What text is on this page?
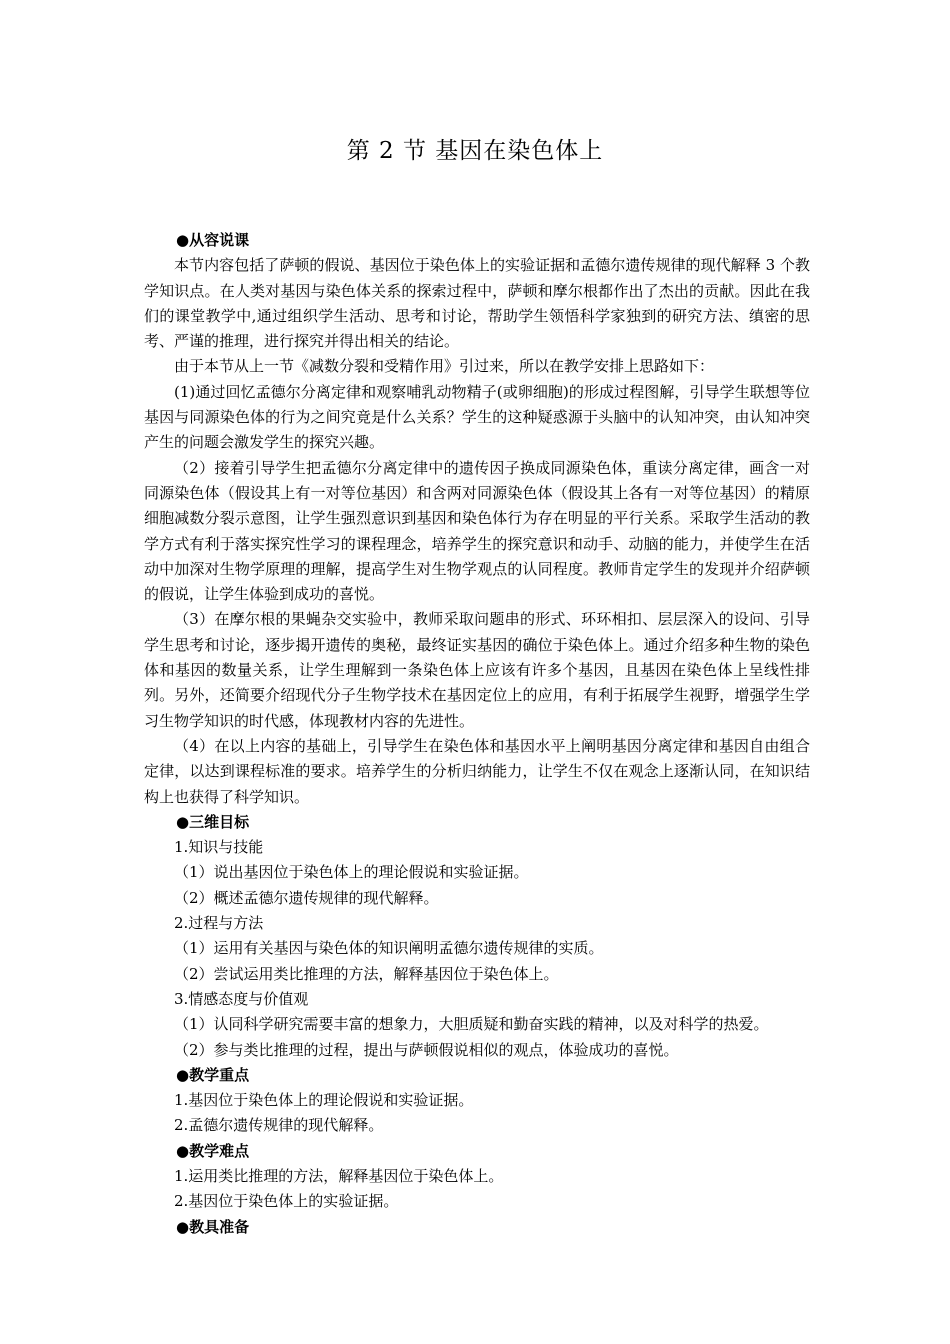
第 2 节 基因在染色体上

●从容说课

本节内容包括了萨顿的假说、基因位于染色体上的实验证据和孟德尔遗传规律的现代解释 3 个教学知识点。在人类对基因与染色体关系的探索过程中，萨顿和摩尔根都作出了杰出的贡献。因此在我们的课堂教学中,通过组织学生活动、思考和讨论，帮助学生领悟科学家独到的研究方法、缜密的思考、严谨的推理，进行探究并得出相关的结论。

由于本节从上一节《减数分裂和受精作用》引过来，所以在教学安排上思路如下：

(1)通过回忆孟德尔分离定律和观察哺乳动物精子(或卵细胞)的形成过程图解，引导学生联想等位基因与同源染色体的行为之间究竟是什么关系？学生的这种疑惑源于头脑中的认知冲突，由认知冲突产生的问题会激发学生的探究兴趣。

（2）接着引导学生把孟德尔分离定律中的遗传因子换成同源染色体，重读分离定律，画含一对同源染色体（假设其上有一对等位基因）和含两对同源染色体（假设其上各有一对等位基因）的精原细胞减数分裂示意图，让学生强烈意识到基因和染色体行为存在明显的平行关系。采取学生活动的教学方式有利于落实探究性学习的课程理念，培养学生的探究意识和动手、动脑的能力，并使学生在活动中加深对生物学原理的理解，提高学生对生物学观点的认同程度。教师肯定学生的发现并介绍萨顿的假说，让学生体验到成功的喜悦。

（3）在摩尔根的果蝇杂交实验中，教师采取问题串的形式、环环相扣、层层深入的设问、引导学生思考和讨论，逐步揭开遗传的奥秘，最终证实基因的确位于染色体上。通过介绍多种生物的染色体和基因的数量关系，让学生理解到一条染色体上应该有许多个基因，且基因在染色体上呈线性排列。另外，还简要介绍现代分子生物学技术在基因定位上的应用，有利于拓展学生视野，增强学生学习生物学知识的时代感，体现教材内容的先进性。

（4）在以上内容的基础上，引导学生在染色体和基因水平上阐明基因分离定律和基因自由组合定律，以达到课程标准的要求。培养学生的分析归纳能力，让学生不仅在观念上逐渐认同，在知识结构上也获得了科学知识。

●三维目标

1.知识与技能

（1）说出基因位于染色体上的理论假说和实验证据。

（2）概述孟德尔遗传规律的现代解释。

2.过程与方法

（1）运用有关基因与染色体的知识阐明孟德尔遗传规律的实质。

（2）尝试运用类比推理的方法，解释基因位于染色体上。

3.情感态度与价值观

（1）认同科学研究需要丰富的想象力，大胆质疑和勤奋实践的精神，以及对科学的热爱。

（2）参与类比推理的过程，提出与萨顿假说相似的观点，体验成功的喜悦。

●教学重点

1.基因位于染色体上的理论假说和实验证据。

2.孟德尔遗传规律的现代解释。

●教学难点

1.运用类比推理的方法，解释基因位于染色体上。

2.基因位于染色体上的实验证据。

●教具准备
